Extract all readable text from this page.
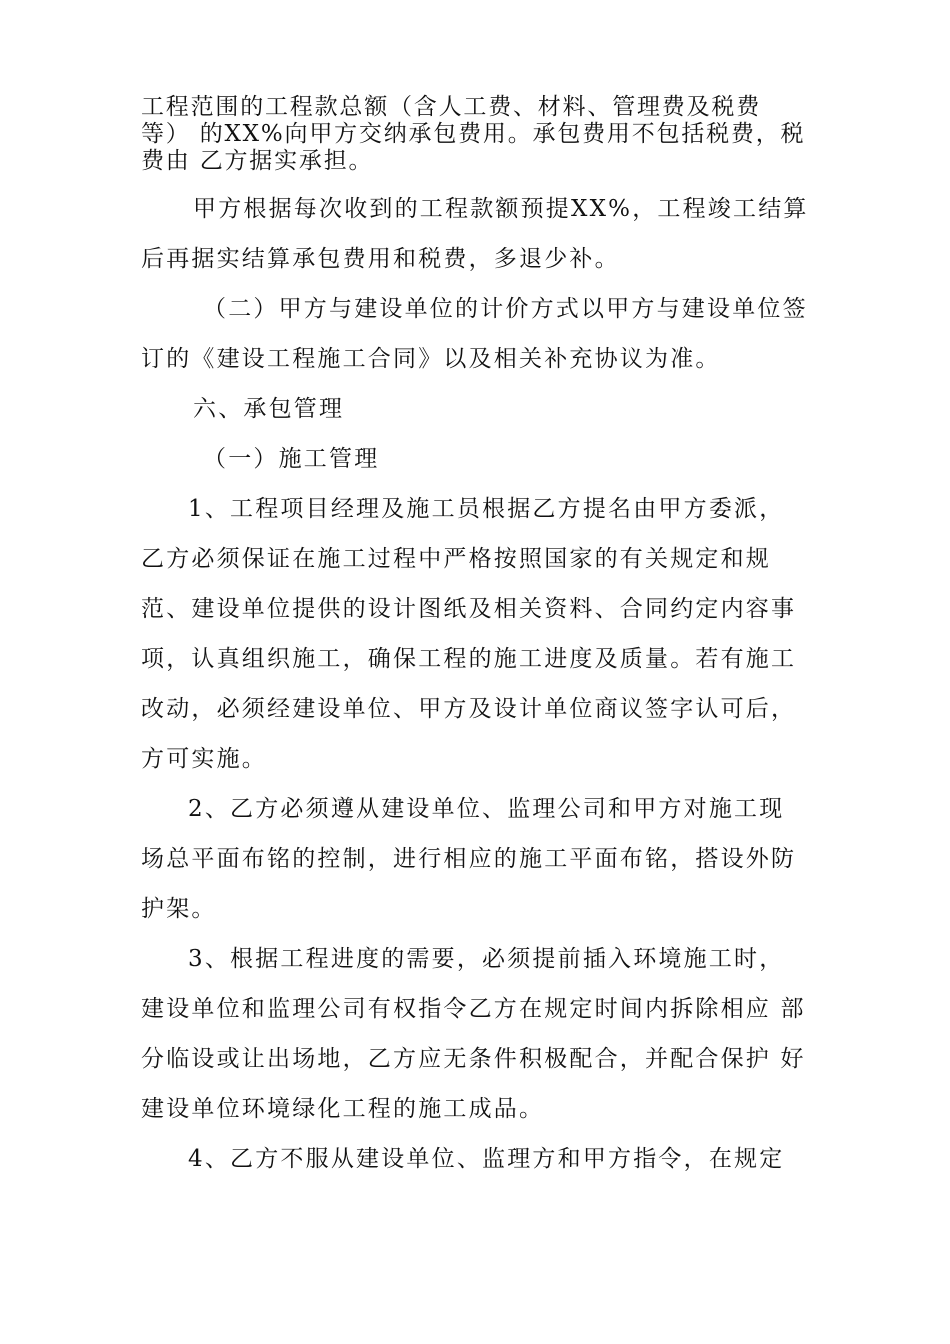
工程范围的工程款总额（含人工费、材料、管理费及税费
等） 的XX%向甲方交纳承包费用。承包费用不包括税费，税
费由 乙方据实承担。
甲方根据每次收到的工程款额预提XX%，工程竣工结算
后再据实结算承包费用和税费，多退少补。
（二）甲方与建设单位的计价方式以甲方与建设单位签
订的《建设工程施工合同》以及相关补充协议为准。
六、承包管理
（一）施工管理
1、工程项目经理及施工员根据乙方提名由甲方委派，
乙方必须保证在施工过程中严格按照国家的有关规定和规
范、建设单位提供的设计图纸及相关资料、合同约定内容事
项，认真组织施工，确保工程的施工进度及质量。若有施工
改动，必须经建设单位、甲方及设计单位商议签字认可后，
方可实施。
2、乙方必须遵从建设单位、监理公司和甲方对施工现
场总平面布铭的控制，进行相应的施工平面布铭，搭设外防
护架。
3、根据工程进度的需要，必须提前插入环境施工时，
建设单位和监理公司有权指令乙方在规定时间内拆除相应 部
分临设或让出场地，乙方应无条件积极配合，并配合保护 好
建设单位环境绿化工程的施工成品。
4、乙方不服从建设单位、监理方和甲方指令，在规定
